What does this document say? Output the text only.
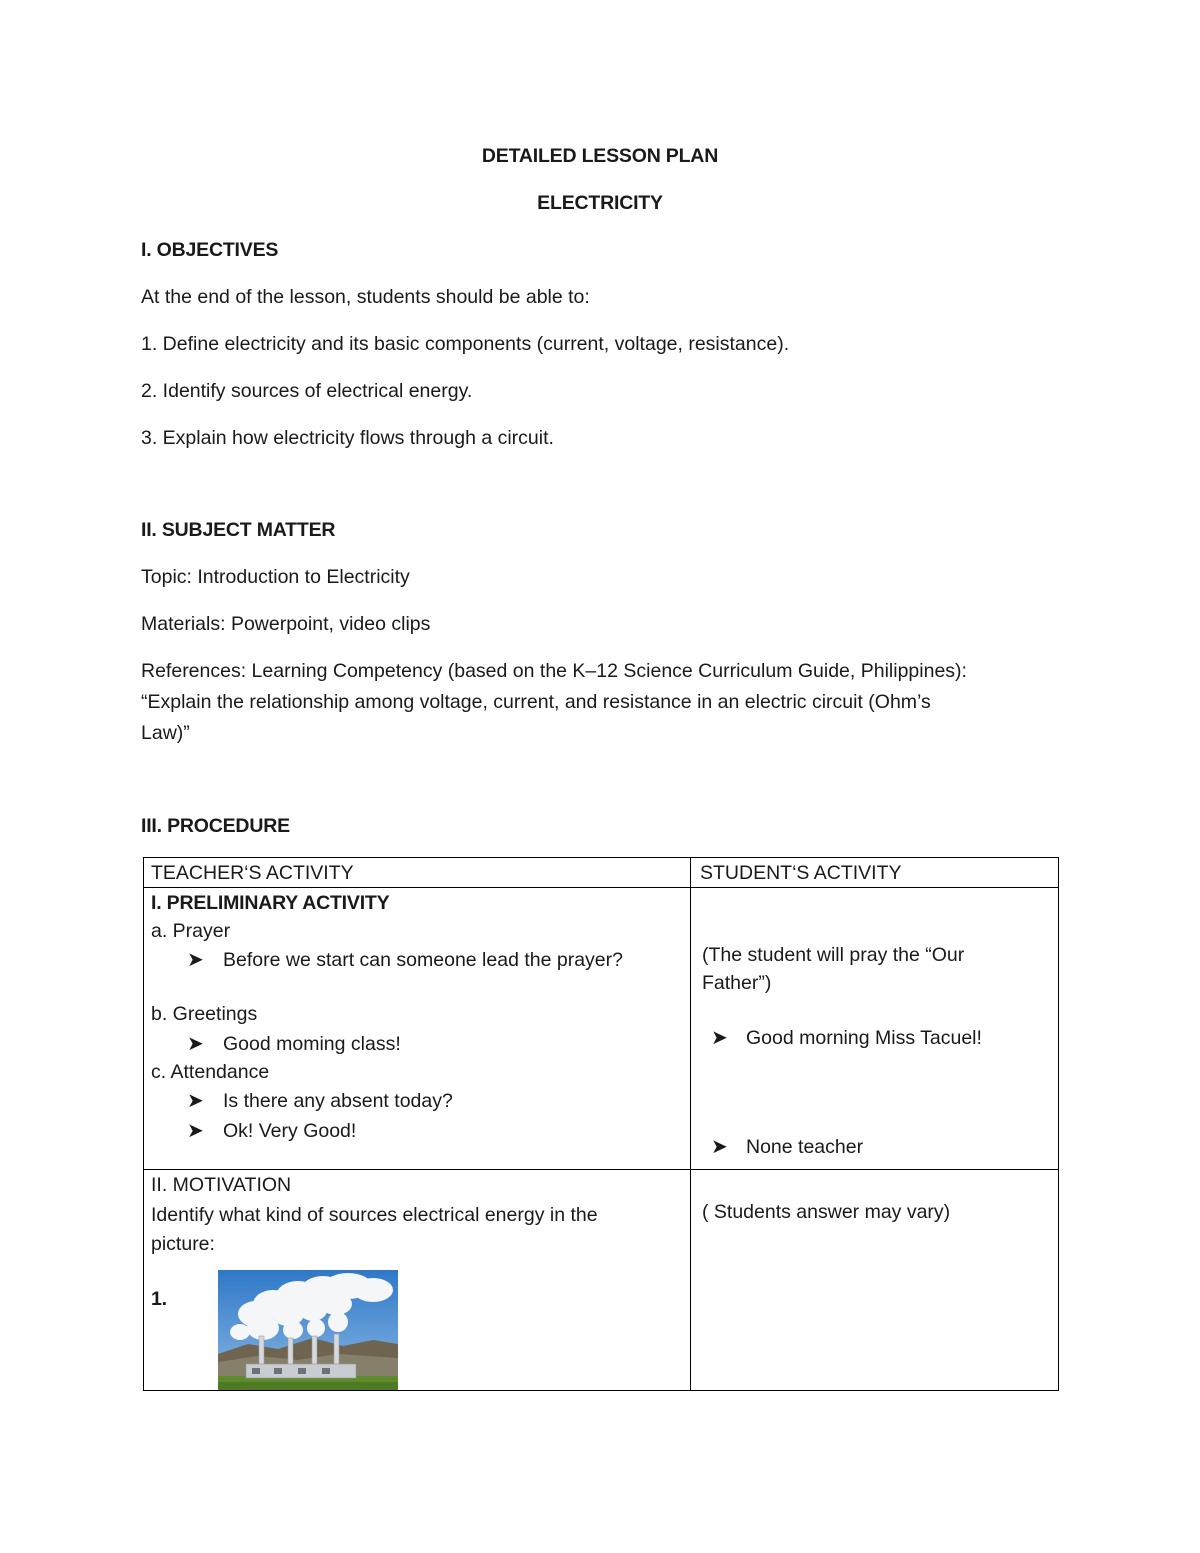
DETAILED LESSON PLAN
ELECTRICITY
I. OBJECTIVES
At the end of the lesson, students should be able to:
1. Define electricity and its basic components (current, voltage, resistance).
2. Identify sources of electrical energy.
3. Explain how electricity flows through a circuit.
II. SUBJECT MATTER
Topic: Introduction to Electricity
Materials: Powerpoint, video clips
References: Learning Competency (based on the K–12 Science Curriculum Guide, Philippines):
“Explain the relationship among voltage, current, and resistance in an electric circuit (Ohm’s
Law)”
III. PROCEDURE
TEACHER‘S ACTIVITY	STUDENT‘S ACTIVITY
I. PRELIMINARY ACTIVITY
a. Prayer
➤ Before we start can someone lead the prayer?
b. Greetings
➤ Good moming class!
c. Attendance
➤ Is there any absent today?
➤ Ok! Very Good!
(The student will pray the “Our
Father”)
➤ Good morning Miss Tacuel!
➤ None teacher
II. MOTIVATION
Identify what kind of sources electrical energy in the
picture:
1.
( Students answer may vary)
